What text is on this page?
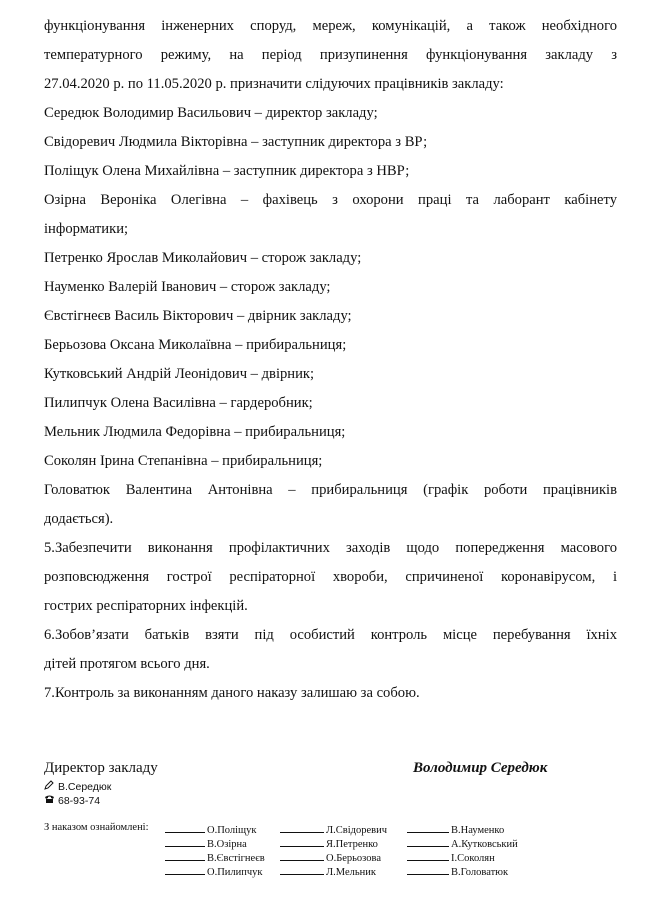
функціонування інженерних споруд, мереж, комунікацій, а також необхідного

температурного режиму, на період призупинення функціонування закладу з

27.04.2020 р. по 11.05.2020 р. призначити слідуючих працівників закладу:

Середюк Володимир Васильович – директор закладу;

Свідоревич Людмила Вікторівна – заступник директора з ВР;

Поліщук Олена Михайлівна – заступник директора з НВР;

Озірна Вероніка Олегівна – фахівець з охорони праці та лаборант кабінету

інформатики;

Петренко Ярослав Миколайович – сторож закладу;

Науменко Валерій Іванович – сторож закладу;

Євстігнеєв Василь Вікторович – двірник закладу;

Берьозова Оксана Миколаївна – прибиральниця;

Кутковський Андрій Леонідович – двірник;

Пилипчук Олена Василівна – гардеробник;

Мельник Людмила Федорівна – прибиральниця;

Соколян Ірина Степанівна – прибиральниця;

Головатюк Валентина Антонівна – прибиральниця (графік роботи працівників

додається).

5.Забезпечити виконання профілактичних заходів щодо попередження масового

розповсюдження гострої респіраторної хвороби, спричиненої коронавірусом, і

гострих респіраторних інфекцій.

6.Зобов’язати батьків взяти під особистий контроль місце перебування їхніх

дітей протягом всього дня.

7.Контроль за виконанням даного наказу залишаю за собою.

Директор закладу	Володимир Середюк
В.Середюк
68-93-74
З наказом ознайомлені:	О.Поліщук
В.Озірна
В.Євстігнеєв
О.Пилипчук
Л.Свідоревич
Я.Петренко
О.Берьозова
Л.Мельник
В.Науменко
А.Кутковський
І.Соколян
В.Головатюк
